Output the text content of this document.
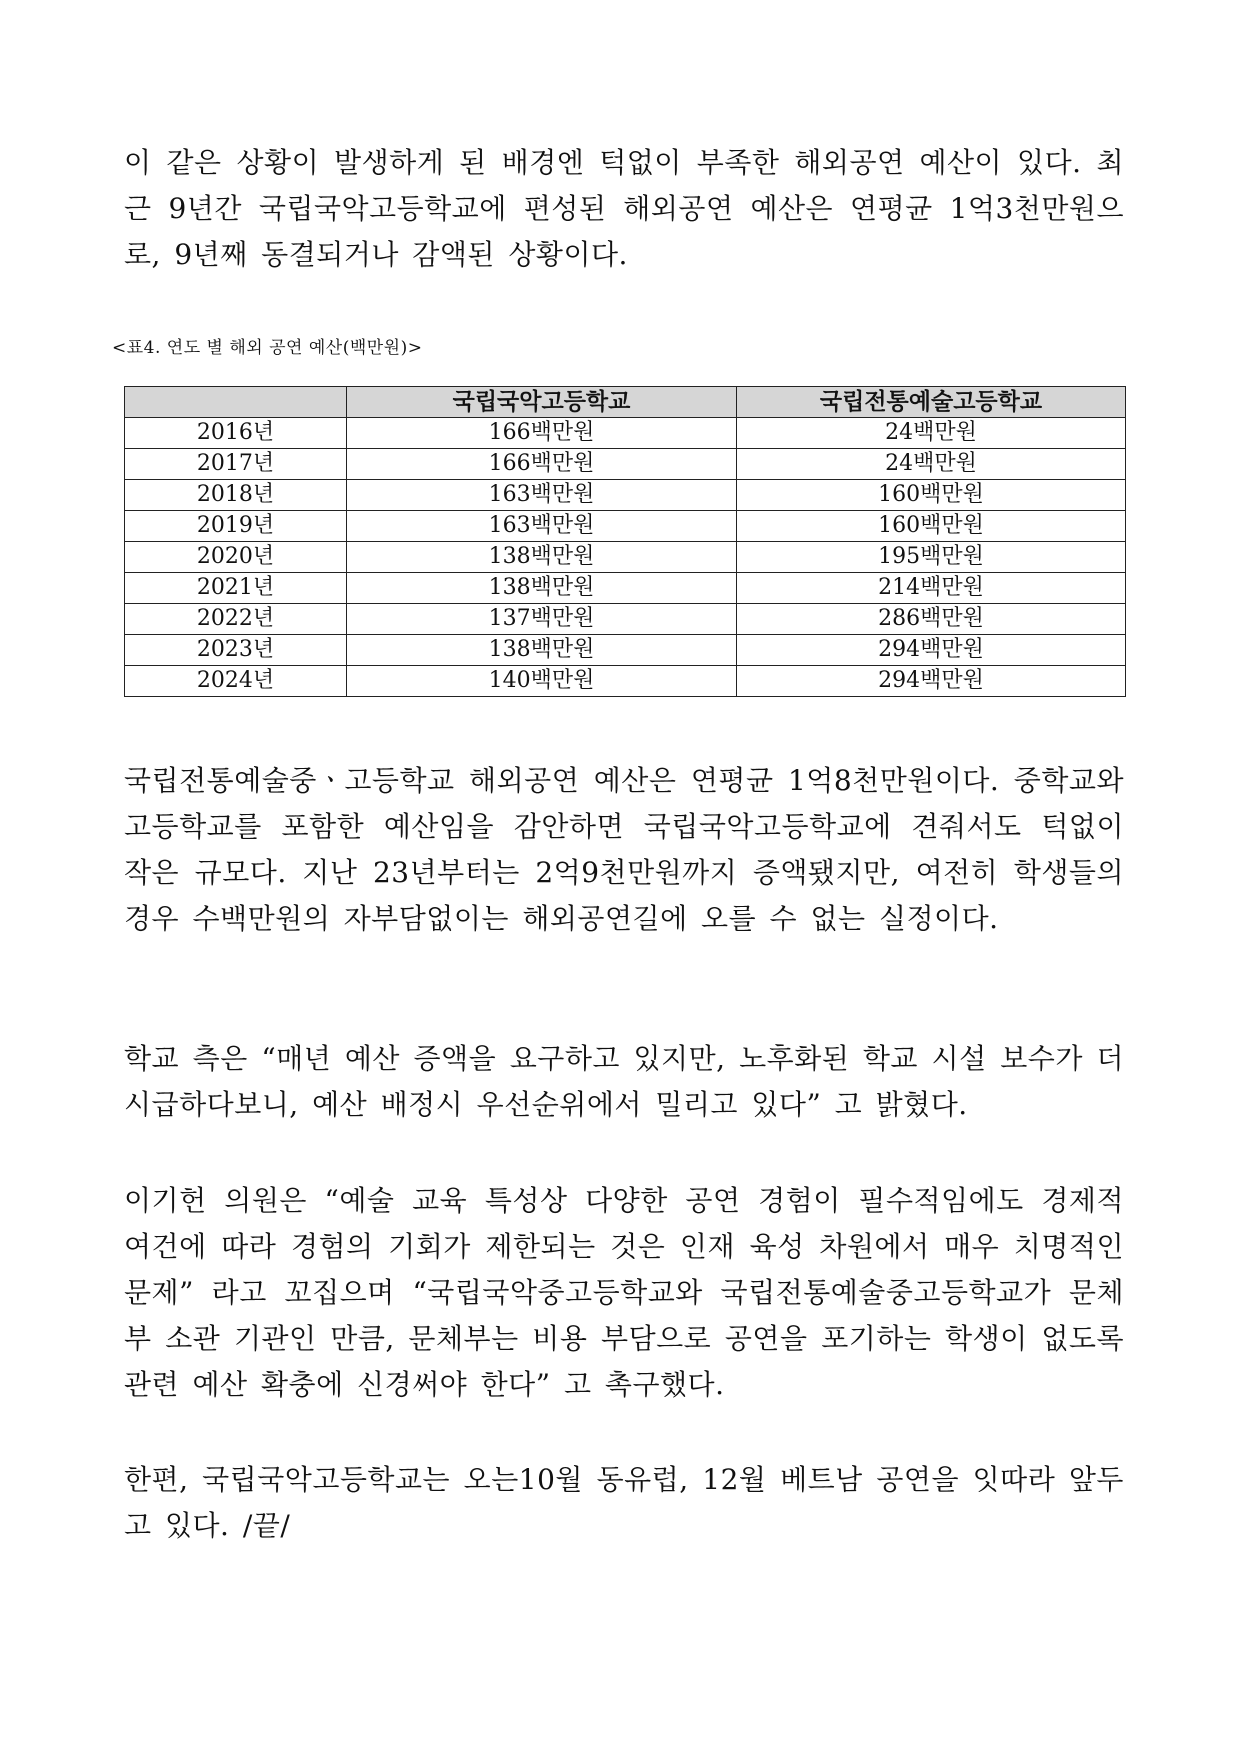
이 같은 상황이 발생하게 된 배경엔 턱없이 부족한 해외공연 예산이 있다. 최근 9년간 국립국악고등학교에 편성된 해외공연 예산은 연평균 1억3천만원으로, 9년째 동결되거나 감액된 상황이다.

<표4. 연도 별 해외 공연 예산(백만원)>
	국립국악고등학교	국립전통예술고등학교
2016년	166백만원	24백만원
2017년	166백만원	24백만원
2018년	163백만원	160백만원
2019년	163백만원	160백만원
2020년	138백만원	195백만원
2021년	138백만원	214백만원
2022년	137백만원	286백만원
2023년	138백만원	294백만원
2024년	140백만원	294백만원

국립전통예술중ㆍ고등학교 해외공연 예산은 연평균 1억8천만원이다. 중학교와 고등학교를 포함한 예산임을 감안하면 국립국악고등학교에 견줘서도 턱없이 작은 규모다. 지난 23년부터는 2억9천만원까지 증액됐지만, 여전히 학생들의 경우 수백만원의 자부담없이는 해외공연길에 오를 수 없는 실정이다.

학교 측은 “매년 예산 증액을 요구하고 있지만, 노후화된 학교 시설 보수가 더 시급하다보니, 예산 배정시 우선순위에서 밀리고 있다” 고 밝혔다.

이기헌 의원은 “예술 교육 특성상 다양한 공연 경험이 필수적임에도 경제적 여건에 따라 경험의 기회가 제한되는 것은 인재 육성 차원에서 매우 치명적인 문제” 라고 꼬집으며 “국립국악중고등학교와 국립전통예술중고등학교가 문체부 소관 기관인 만큼, 문체부는 비용 부담으로 공연을 포기하는 학생이 없도록 관련 예산 확충에 신경써야 한다” 고 촉구했다.

한편, 국립국악고등학교는 오는10월 동유럽, 12월 베트남 공연을 잇따라 앞두고 있다. /끝/
